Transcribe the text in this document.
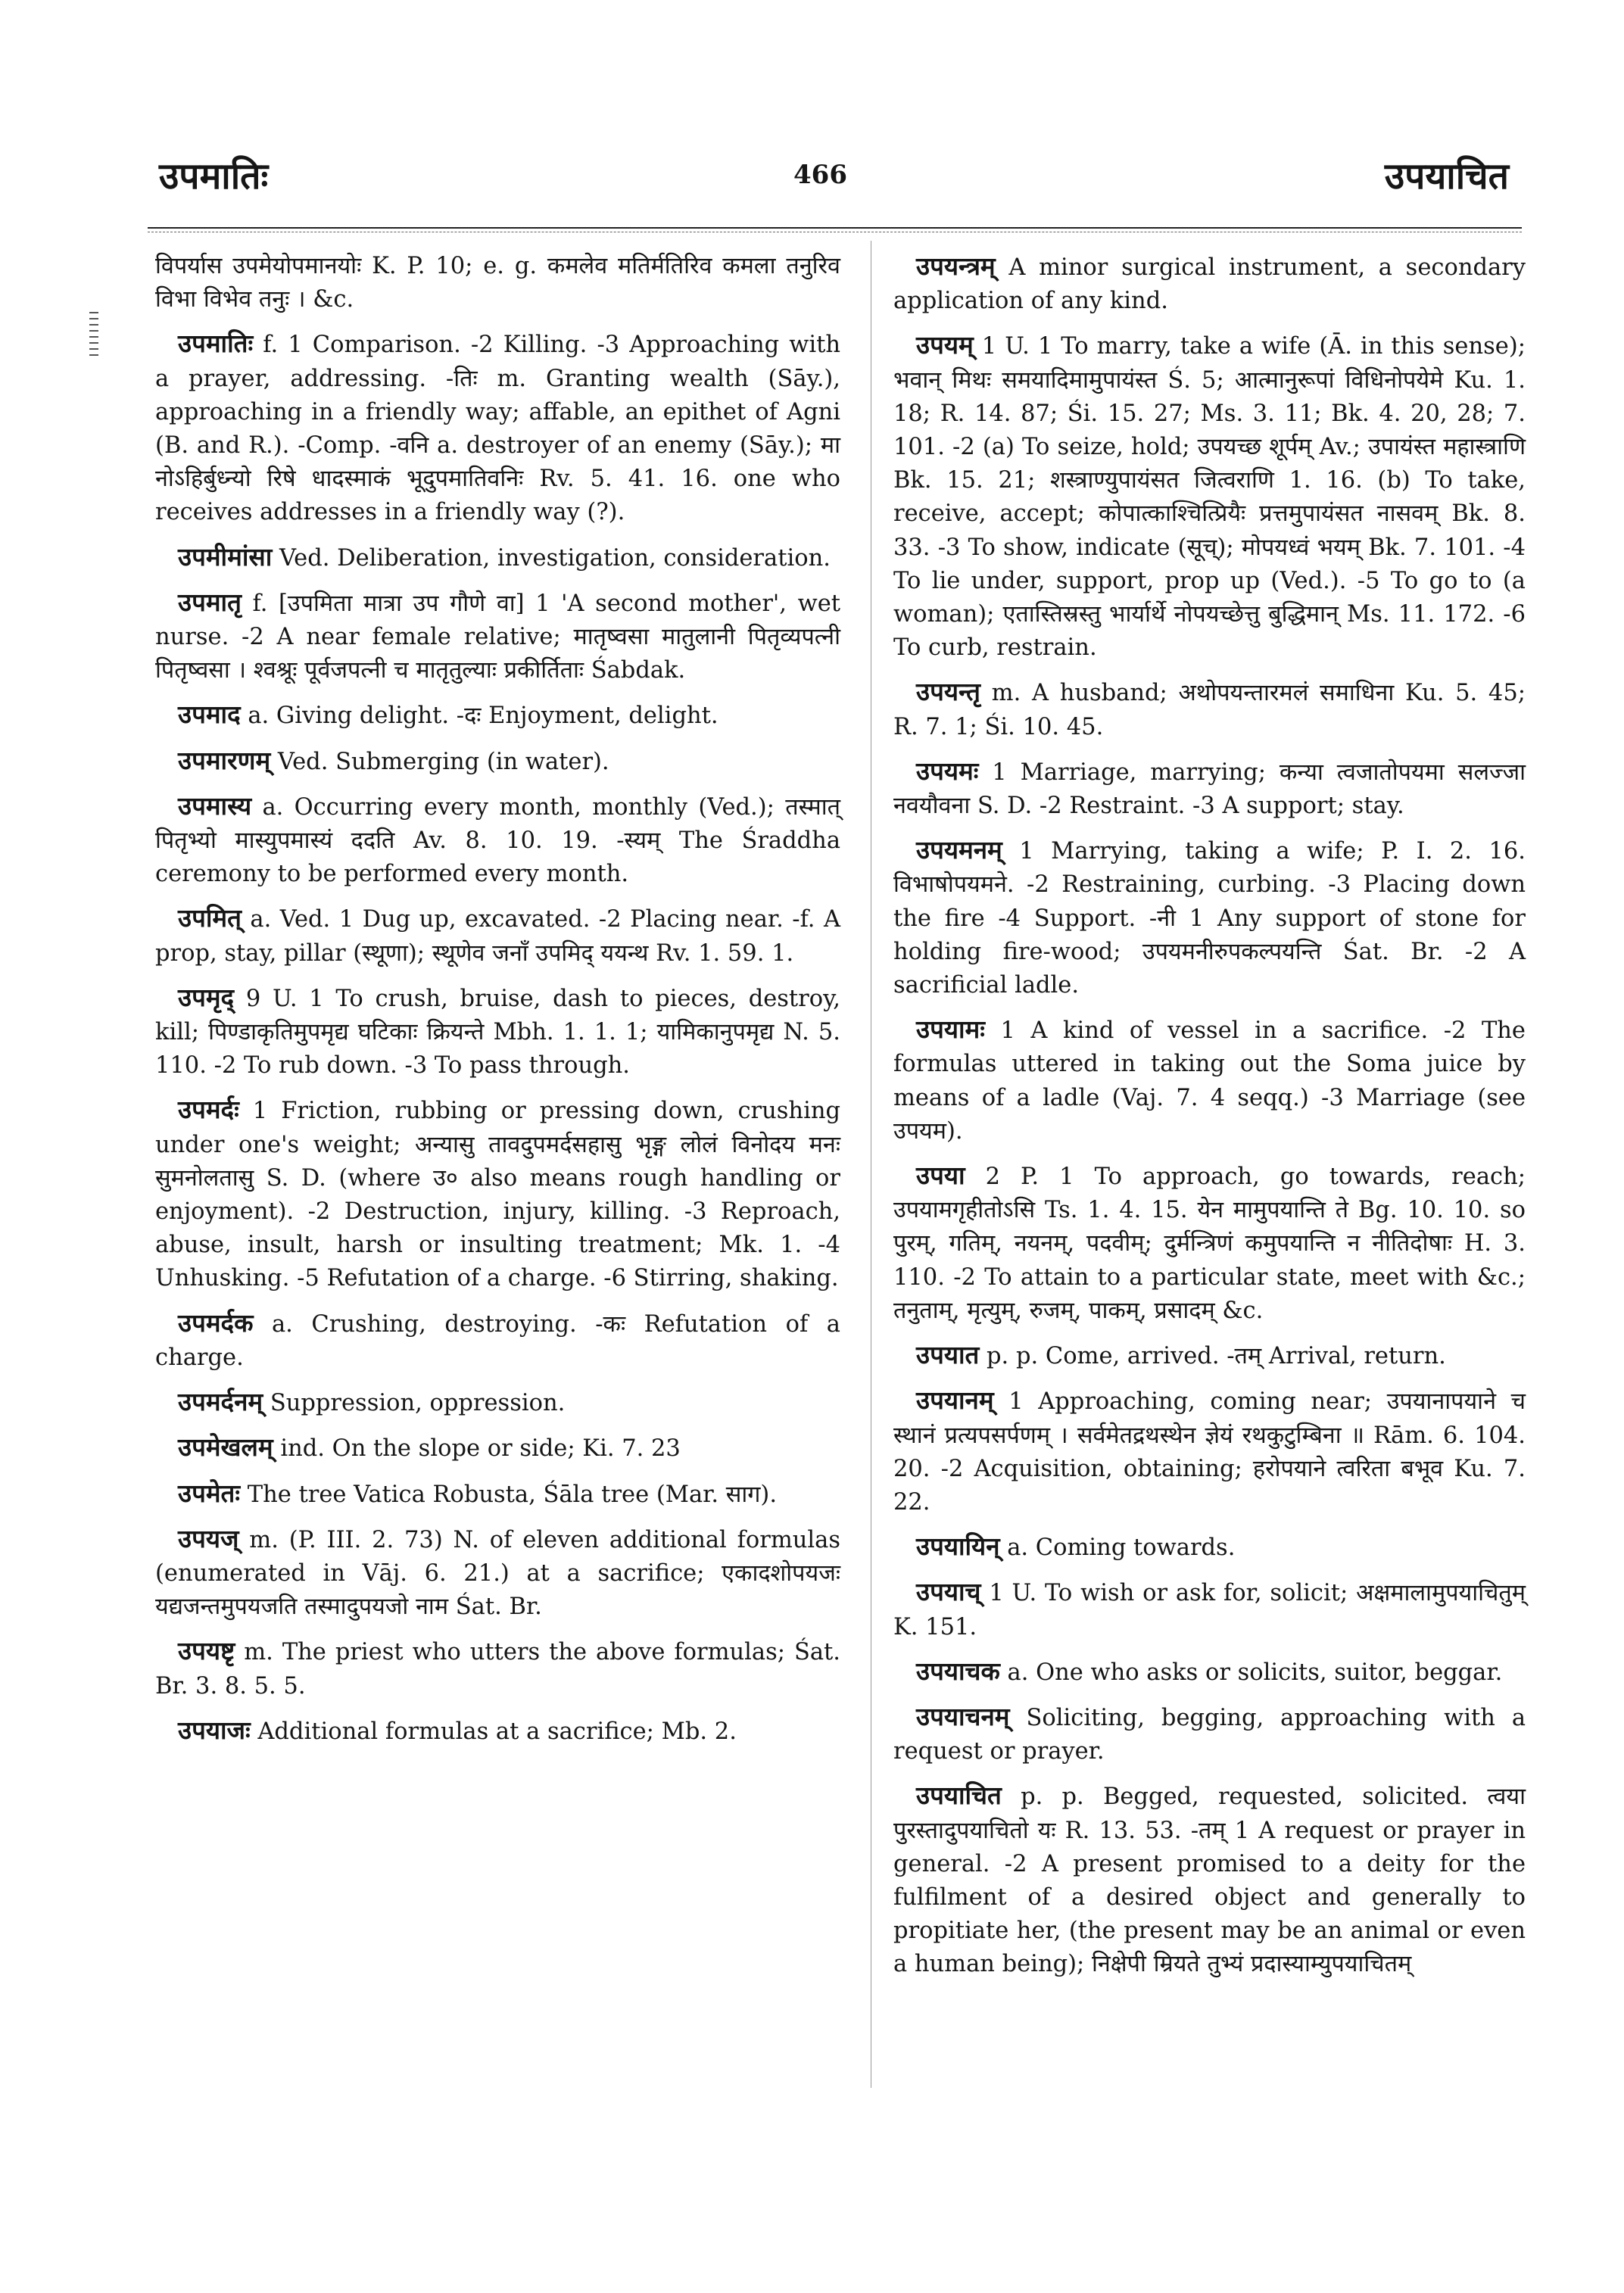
उपमातिः	466	उपयाचित

विपर्यास उपमेयोपमानयोः K. P. 10; e. g. कमलेव मतिर्मतिरिव कमला तनुरिव विभा विभेव तनुः । &c.

उपमातिः f. 1 Comparison. -2 Killing. -3 Approaching with a prayer, addressing. -तिः m. Granting wealth (Sāy.), approaching in a friendly way; affable, an epithet of Agni (B. and R.). -Comp. -वनि a. destroyer of an enemy (Sāy.); मा नोऽहिर्बुध्न्यो रिषे धादस्माकं भूदुपमातिवनिः Rv. 5. 41. 16. one who receives addresses in a friendly way (?).

उपमीमांसा Ved. Deliberation, investigation, consideration.

उपमातृ f. [उपमिता मात्रा उप गौणे वा] 1 'A second mother', wet nurse. -2 A near female relative; मातृष्वसा मातुलानी पितृव्यपत्नी पितृष्वसा । श्वश्रूः पूर्वजपत्नी च मातृतुल्याः प्रकीर्तिताः Śabdak.

उपमाद a. Giving delight. -दः Enjoyment, delight.

उपमारणम् Ved. Submerging (in water).

उपमास्य a. Occurring every month, monthly (Ved.); तस्मात् पितृभ्यो मास्युपमास्यं ददति Av. 8. 10. 19. -स्यम् The Śraddha ceremony to be performed every month.

उपमित् a. Ved. 1 Dug up, excavated. -2 Placing near. -f. A prop, stay, pillar (स्थूणा); स्थूणेव जनाँ उपमिद् ययन्थ Rv. 1. 59. 1.

उपमृद् 9 U. 1 To crush, bruise, dash to pieces, destroy, kill; पिण्डाकृतिमुपमृद्य घटिकाः क्रियन्ते Mbh. 1. 1. 1; यामिकानुपमृद्य N. 5. 110. -2 To rub down. -3 To pass through.

उपमर्दः 1 Friction, rubbing or pressing down, crushing under one's weight; अन्यासु तावदुपमर्दसहासु भृङ्ग लोलं विनोदय मनः सुमनोलतासु S. D. (where उ० also means rough handling or enjoyment). -2 Destruction, injury, killing. -3 Reproach, abuse, insult, harsh or insulting treatment; Mk. 1. -4 Unhusking. -5 Refutation of a charge. -6 Stirring, shaking.

उपमर्दक a. Crushing, destroying. -कः Refutation of a charge.

उपमर्दनम् Suppression, oppression.

उपमेखलम् ind. On the slope or side; Ki. 7. 23

उपमेतः The tree Vatica Robusta, Śāla tree (Mar. साग).

उपयज् m. (P. III. 2. 73) N. of eleven additional formulas (enumerated in Vāj. 6. 21.) at a sacrifice; एकादशोपयजः यद्यजन्तमुपयजति तस्मादुपयजो नाम Śat. Br.

उपयष्टृ m. The priest who utters the above formulas; Śat. Br. 3. 8. 5. 5.

उपयाजः Additional formulas at a sacrifice; Mb. 2.

उपयन्त्रम् A minor surgical instrument, a secondary application of any kind.

उपयम् 1 U. 1 To marry, take a wife (Ā. in this sense); भवान् मिथः समयादिमामुपायंस्त Ś. 5; आत्मानुरूपां विधिनोपयेमे Ku. 1. 18; R. 14. 87; Śi. 15. 27; Ms. 3. 11; Bk. 4. 20, 28; 7. 101. -2 (a) To seize, hold; उपयच्छ शूर्पम् Av.; उपायंस्त महास्त्राणि Bk. 15. 21; शस्त्राण्युपायंसत जित्वराणि 1. 16. (b) To take, receive, accept; कोपात्काश्चित्प्रियैः प्रत्तमुपायंसत नासवम् Bk. 8. 33. -3 To show, indicate (सूच्); मोपयध्वं भयम् Bk. 7. 101. -4 To lie under, support, prop up (Ved.). -5 To go to (a woman); एतास्तिस्रस्तु भार्यार्थे नोपयच्छेत्तु बुद्धिमान् Ms. 11. 172. -6 To curb, restrain.

उपयन्तृ m. A husband; अथोपयन्तारमलं समाधिना Ku. 5. 45; R. 7. 1; Śi. 10. 45.

उपयमः 1 Marriage, marrying; कन्या त्वजातोपयमा सलज्जा नवयौवना S. D. -2 Restraint. -3 A support; stay.

उपयमनम् 1 Marrying, taking a wife; P. I. 2. 16. विभाषोपयमने. -2 Restraining, curbing. -3 Placing down the fire -4 Support. -नी 1 Any support of stone for holding fire-wood; उपयमनीरुपकल्पयन्ति Śat. Br. -2 A sacrificial ladle.

उपयामः 1 A kind of vessel in a sacrifice. -2 The formulas uttered in taking out the Soma juice by means of a ladle (Vaj. 7. 4 seqq.) -3 Marriage (see उपयम).

उपया 2 P. 1 To approach, go towards, reach; उपयामगृहीतोऽसि Ts. 1. 4. 15. येन मामुपयान्ति ते Bg. 10. 10. so पुरम्, गतिम्, नयनम्, पदवीम्; दुर्मन्त्रिणं कमुपयान्ति न नीतिदोषाः H. 3. 110. -2 To attain to a particular state, meet with &c.; तनुताम्, मृत्युम्, रुजम्, पाकम्, प्रसादम् &c.

उपयात p. p. Come, arrived. -तम् Arrival, return.

उपयानम् 1 Approaching, coming near; उपयानापयाने च स्थानं प्रत्यपसर्पणम् । सर्वमेतद्रथस्थेन ज्ञेयं रथकुटुम्बिना ॥ Rām. 6. 104. 20. -2 Acquisition, obtaining; हरोपयाने त्वरिता बभूव Ku. 7. 22.

उपयायिन् a. Coming towards.

उपयाच् 1 U. To wish or ask for, solicit; अक्षमालामुपयाचितुम् K. 151.

उपयाचक a. One who asks or solicits, suitor, beggar.

उपयाचनम् Soliciting, begging, approaching with a request or prayer.

उपयाचित p. p. Begged, requested, solicited. त्वया पुरस्तादुपयाचितो यः R. 13. 53. -तम् 1 A request or prayer in general. -2 A present promised to a deity for the fulfilment of a desired object and generally to propitiate her, (the present may be an animal or even a human being); निक्षेपी म्रियते तुभ्यं प्रदास्याम्युपयाचितम्
